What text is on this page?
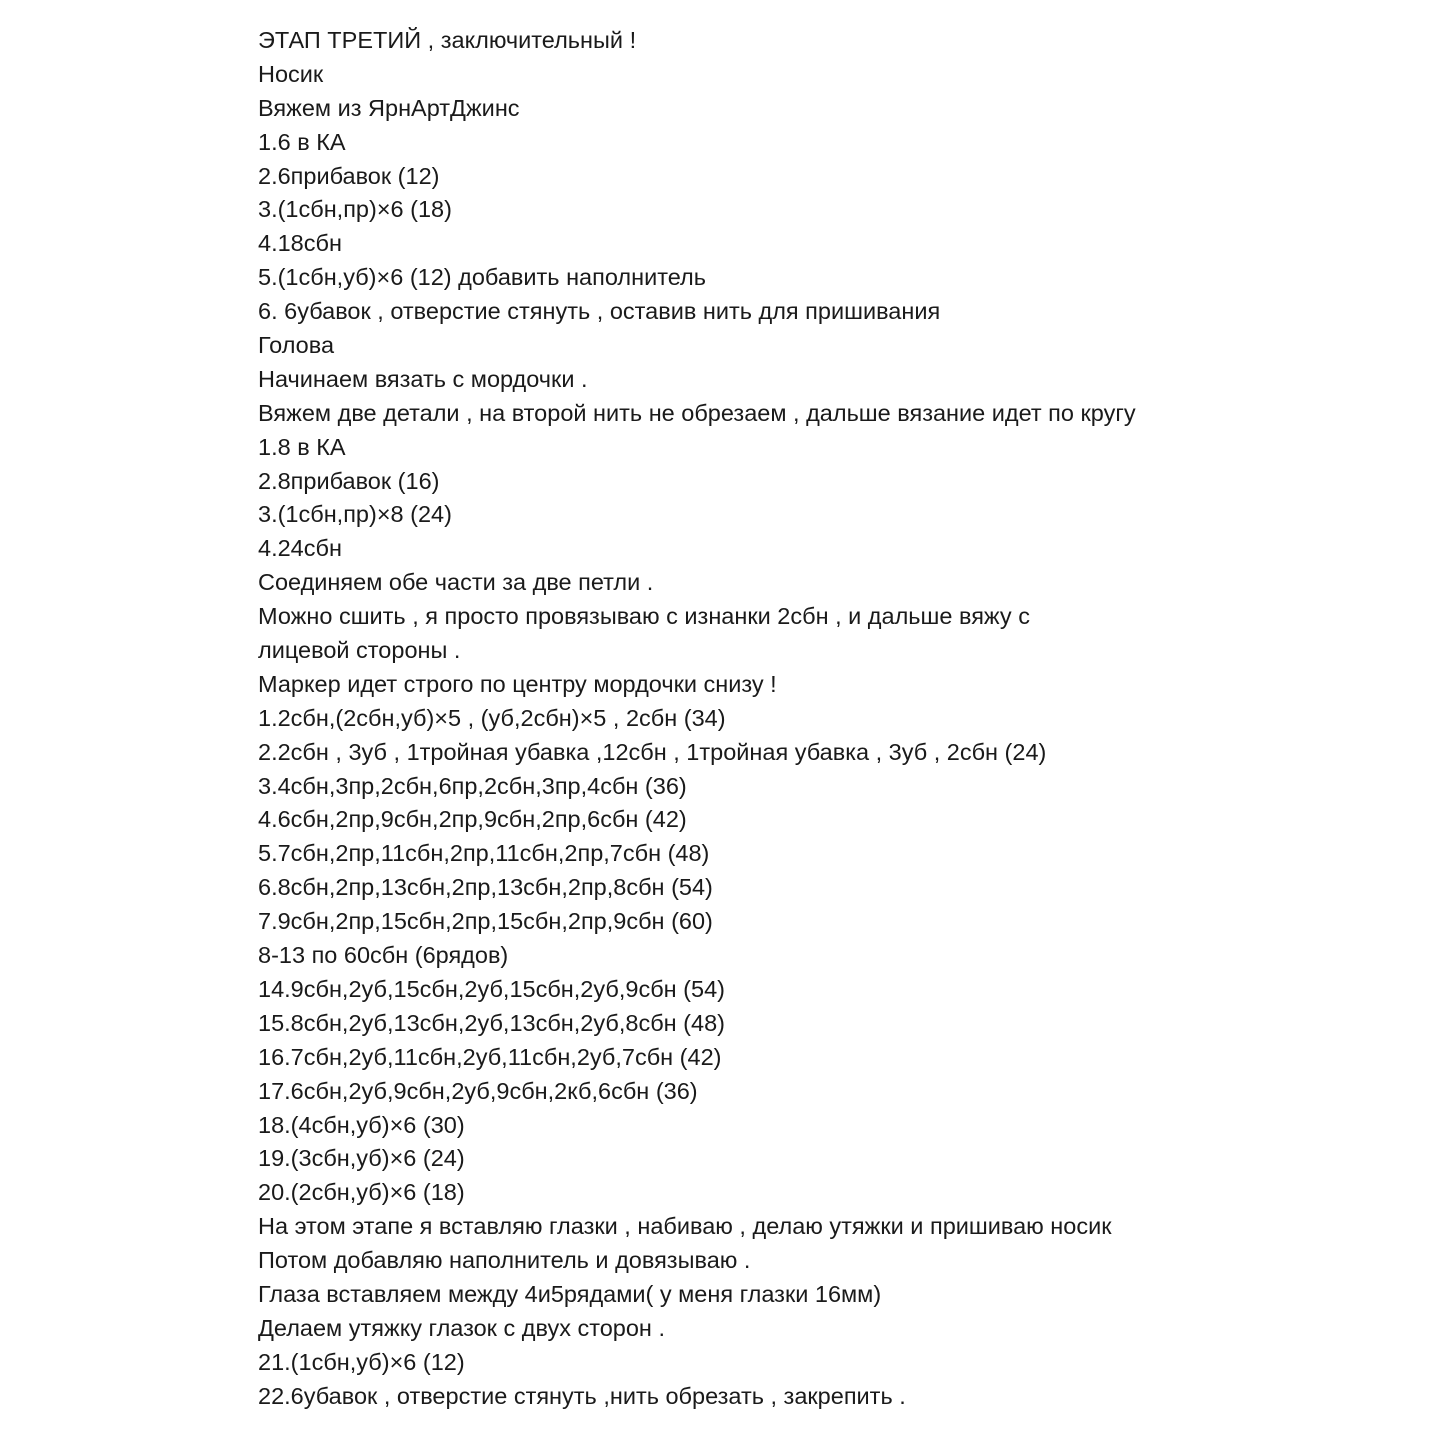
ЭТАП ТРЕТИЙ , заключительный !
Носик
Вяжем из ЯрнАртДжинс
1.6 в КА
2.6прибавок (12)
3.(1сбн,пр)×6 (18)
4.18сбн
5.(1сбн,уб)×6 (12) добавить наполнитель
6. 6убавок , отверстие стянуть , оставив нить для пришивания
Голова
Начинаем вязать с мордочки .
Вяжем две детали , на второй нить не обрезаем , дальше вязание идет по кругу
1.8 в КА
2.8прибавок (16)
3.(1сбн,пр)×8 (24)
4.24сбн
Соединяем обе части за две петли .
Можно сшить , я просто провязываю с изнанки 2сбн , и дальше вяжу с
лицевой стороны .
Маркер идет строго по центру мордочки снизу !
1.2сбн,(2сбн,уб)×5 , (уб,2сбн)×5 , 2сбн (34)
2.2сбн , 3уб , 1тройная убавка ,12сбн , 1тройная убавка , 3уб , 2сбн (24)
3.4сбн,3пр,2сбн,6пр,2сбн,3пр,4сбн (36)
4.6сбн,2пр,9сбн,2пр,9сбн,2пр,6сбн (42)
5.7сбн,2пр,11сбн,2пр,11сбн,2пр,7сбн (48)
6.8сбн,2пр,13сбн,2пр,13сбн,2пр,8сбн (54)
7.9сбн,2пр,15сбн,2пр,15сбн,2пр,9сбн (60)
8-13 по 60сбн (6рядов)
14.9сбн,2уб,15сбн,2уб,15сбн,2уб,9сбн (54)
15.8сбн,2уб,13сбн,2уб,13сбн,2уб,8сбн (48)
16.7сбн,2уб,11сбн,2уб,11сбн,2уб,7сбн (42)
17.6сбн,2уб,9сбн,2уб,9сбн,2кб,6сбн (36)
18.(4сбн,уб)×6 (30)
19.(3сбн,уб)×6 (24)
20.(2сбн,уб)×6 (18)
На этом этапе я вставляю глазки , набиваю , делаю утяжки и пришиваю носик
Потом добавляю наполнитель и довязываю .
Глаза вставляем между 4и5рядами( у меня глазки 16мм)
Делаем утяжку глазок с двух сторон .
21.(1сбн,уб)×6 (12)
22.6убавок , отверстие стянуть ,нить обрезать , закрепить .
